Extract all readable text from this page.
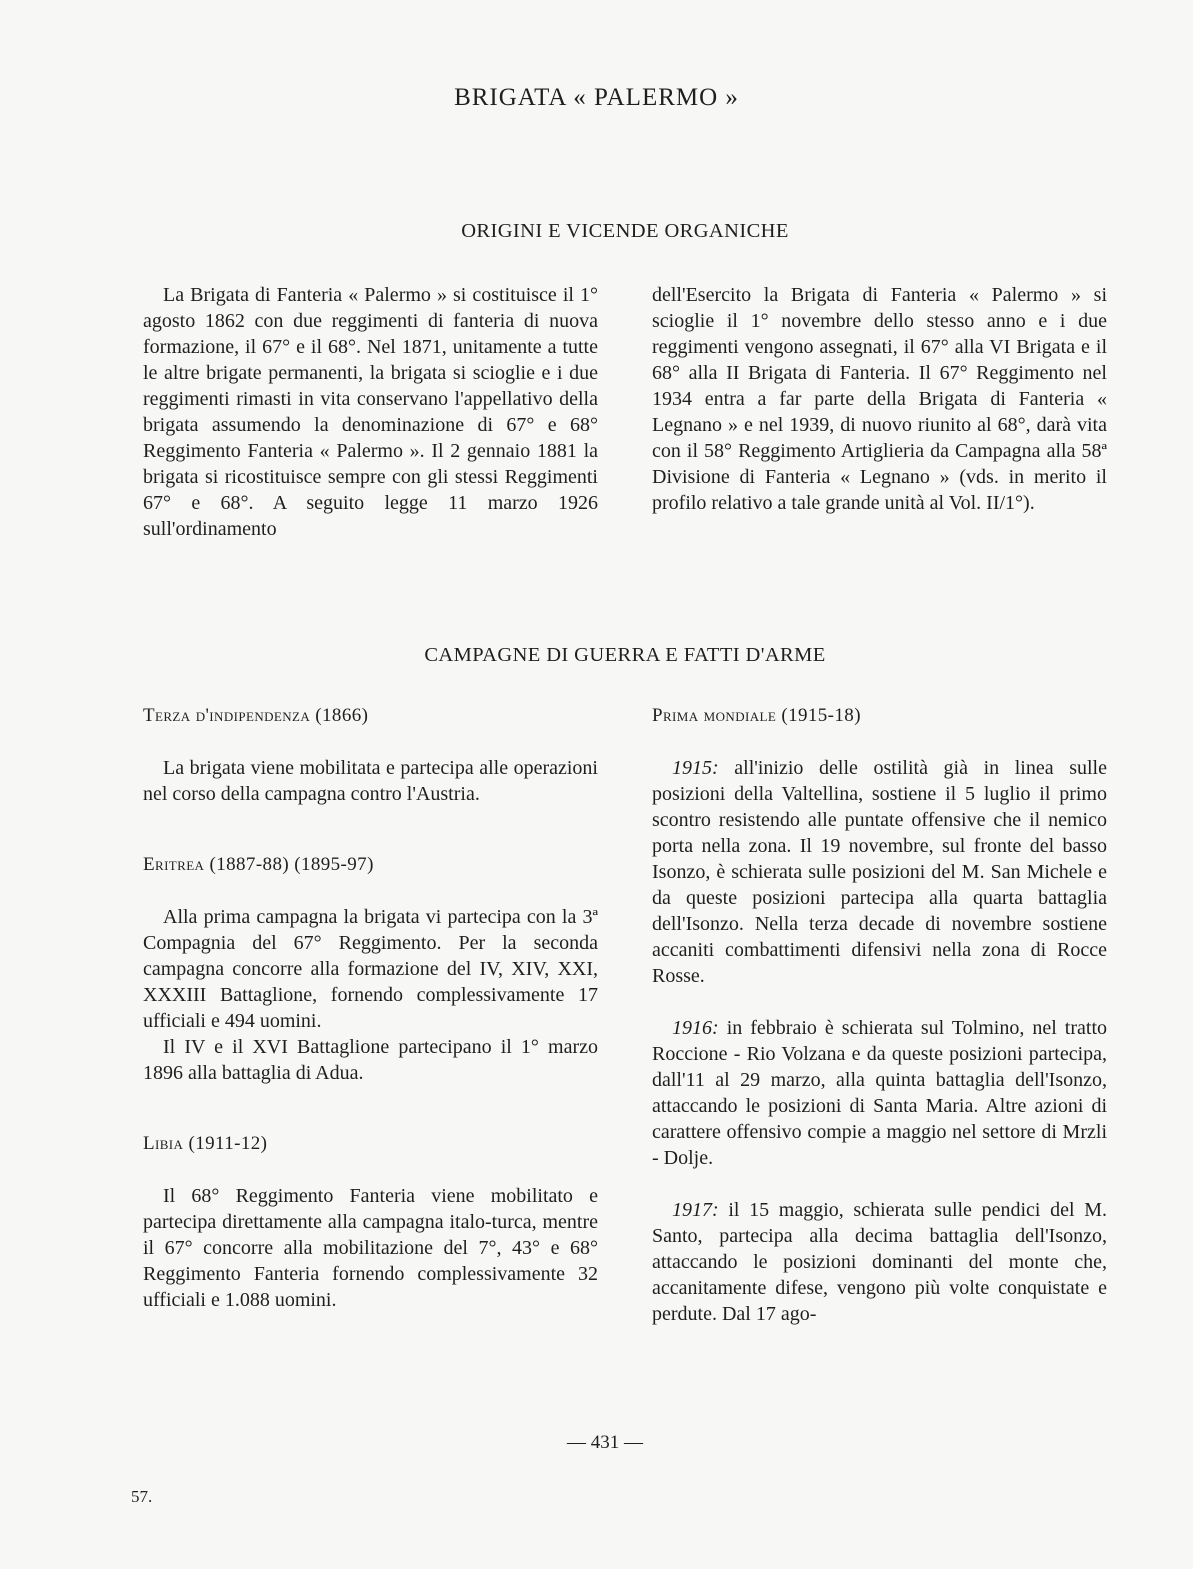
BRIGATA « PALERMO »
ORIGINI E VICENDE ORGANICHE

La Brigata di Fanteria « Palermo » si costituisce il 1° agosto 1862 con due reggimenti di fanteria di nuova formazione, il 67° e il 68°. Nel 1871, unitamente a tutte le altre brigate permanenti, la brigata si scioglie e i due reggimenti rimasti in vita conservano l'appellativo della brigata assumendo la denominazione di 67° e 68° Reggimento Fanteria « Palermo ». Il 2 gennaio 1881 la brigata si ricostituisce sempre con gli stessi Reggimenti 67° e 68°. A seguito legge 11 marzo 1926 sull'ordinamento

dell'Esercito la Brigata di Fanteria « Palermo » si scioglie il 1° novembre dello stesso anno e i due reggimenti vengono assegnati, il 67° alla VI Brigata e il 68° alla II Brigata di Fanteria. Il 67° Reggimento nel 1934 entra a far parte della Brigata di Fanteria « Legnano » e nel 1939, di nuovo riunito al 68°, darà vita con il 58° Reggimento Artiglieria da Campagna alla 58ª Divisione di Fanteria « Legnano » (vds. in merito il profilo relativo a tale grande unità al Vol. II/1°).

CAMPAGNE DI GUERRA E FATTI D'ARME
Terza d'indipendenza (1866)

La brigata viene mobilitata e partecipa alle operazioni nel corso della campagna contro l'Austria.

Eritrea (1887-88) (1895-97)

Alla prima campagna la brigata vi partecipa con la 3ª Compagnia del 67° Reggimento. Per la seconda campagna concorre alla formazione del IV, XIV, XXI, XXXIII Battaglione, fornendo complessivamente 17 ufficiali e 494 uomini.

Il IV e il XVI Battaglione partecipano il 1° marzo 1896 alla battaglia di Adua.

Libia (1911-12)

Il 68° Reggimento Fanteria viene mobilitato e partecipa direttamente alla campagna italo-turca, mentre il 67° concorre alla mobilitazione del 7°, 43° e 68° Reggimento Fanteria fornendo complessivamente 32 ufficiali e 1.088 uomini.

Prima mondiale (1915-18)

1915: all'inizio delle ostilità già in linea sulle posizioni della Valtellina, sostiene il 5 luglio il primo scontro resistendo alle puntate offensive che il nemico porta nella zona. Il 19 novembre, sul fronte del basso Isonzo, è schierata sulle posizioni del M. San Michele e da queste posizioni partecipa alla quarta battaglia dell'Isonzo. Nella terza decade di novembre sostiene accaniti combattimenti difensivi nella zona di Rocce Rosse.

1916: in febbraio è schierata sul Tolmino, nel tratto Roccione - Rio Volzana e da queste posizioni partecipa, dall'11 al 29 marzo, alla quinta battaglia dell'Isonzo, attaccando le posizioni di Santa Maria. Altre azioni di carattere offensivo compie a maggio nel settore di Mrzli - Dolje.

1917: il 15 maggio, schierata sulle pendici del M. Santo, partecipa alla decima battaglia dell'Isonzo, attaccando le posizioni dominanti del monte che, accanitamente difese, vengono più volte conquistate e perdute. Dal 17 ago-

— 431 —
57.
